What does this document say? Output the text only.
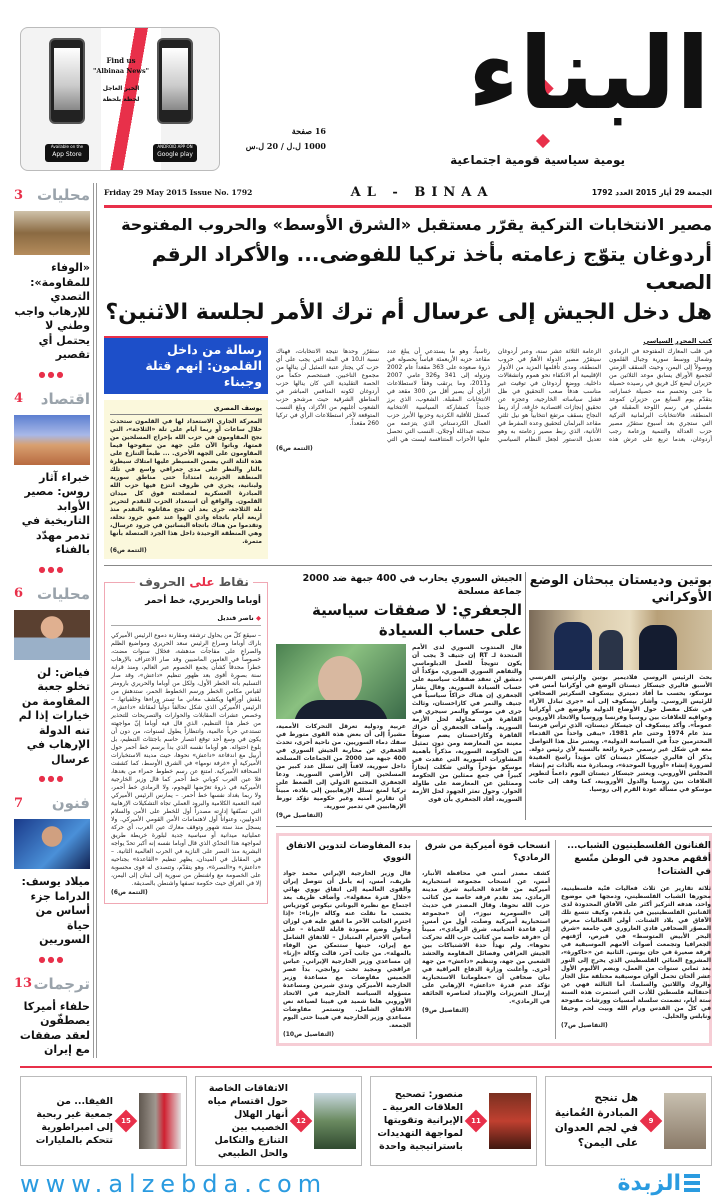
Find us
"Albinaa News"
الخبر العاجل
لحظة بلحظة
Available on the
App Store
ANDROID APP ON
Google play
16 صفحة
1000 ل.ل / 20 ل.س
البناء
يومية سياسية قومية اجتماعية
3 محليات
«الوفاء للمقاومة»: التصدي للإرهاب واجب وطني لا يحتمل أي تقصير
●●●
4 اقتصاد
خبراء آثار روس: مصير الأوابد التاريخية في تدمر مهدّد بالفناء
●●●
6 محليات
فياض: لن تخلو جعبة المقاومة من خيارات إذا لم تنه الدولة الإرهاب في عرسال
●●●
7 فنون
ميلاد يوسف: الدراما جزء أساس من حياة السوريين
●●●
13 ترجمات
حلفاء أميركا يصطفّون لعقد صفقات مع إيران
Friday 29 May 2015 Issue No. 1792	AL - BINAA	الجمعة 29 أيار 2015 العدد 1792
مصير الانتخابات التركية يقرّر مستقبل «الشرق الأوسط» والحروب المفتوحة
أردوغان يتوّج زعامته بأخذ تركيا للفوضى... والأكراد الرقم الصعب
هل دخل الجيش إلى عرسال أم ترك الأمر لجلسة الاثنين؟
رسالة من داخل القلمون: إنهم قتلة وجبناء
يوسف المصري
المعركة الجاري الاستعداد لها في القلمون ستحدث خلال ساعات أو ربما أيام على تلة «الثلاجة»، التي نجح المقاومون في حزب الله بإخراج المسلحين من قمتها، وباتوا الآن على جهة من سفوحها فيما المقاومون على الجهة الأخرى. ... طبعاً التنازع على هذه التلة التي يضمن المسيطر عليها امتلاك سيطرة بالنار والنظر على مدى جغرافي واسع في تلك المنطقة الجردية امتداداً حتى مناطق سورية ولبنانية، يجري في ظروف انتزع فيها حزب الله المبادرة العسكرية لمصلحته فوق كل ميدان القلمون. والواقع أن استعداد الحزب للتقدم لتحرير تلة الثلاجة، جرى بعد أن نجح مقاتلوه بالتقدم منذ أربعة أيام باتجاه وادي الهوا عند عمق جرود نحلة، وتقدموا من هناك باتجاه البساتين في جرود عرسال، وهي المنطقة الوحيدة داخل هذا الجرد المتصلة بأنها متمرة.
(التتمة ص6)
كتب المحرر السياسي
في قلب المعارك المفتوحة في الرمادي وشمال ووسط سورية وجبال القلمون ووصولاً إلى اليمن، وحيث السقف الزمني لتجميع الأوراق يسابق موعد الثلاثين من حزيران ليضع كل فريق في رصيده حصيلة ما جنى وتحسم منه حصيلة خساراته، يتقدّم يوم السابع من حزيران كموعد مفصلي في رسم اللوحة المقبلة في المنطقة، فالانتخابات البرلمانية التركية التي ستجري بعد أسبوع ستقرّر مصير حزب العدالة والتنمية وزعامة رجب أردوغان، بعدما تربع على عرش هذه الزعامة الثلاثة عشر سنة، وعبر أردوغان سيتقرّر مصير الدولة الأهمّ في حروب المنطقة، ومدى تأقلمها المزيد من الأدوار الإقليمية أم الانكفاء نحو هموم وانشغالات داخلية. ووضع أردوغان في توقيت غير مناسب هدفاً صعب التحقيق في ظل فشل سياساته الخارجية، وعجزه عن تحقيق إنجازات اقتصادية خارقة، أراد ربط النجاح بسقف مرتفع انتخابياً هو نيل ثلثي مقاعد البرلمان لتحقيق وعده المفرط في الأنانية، الذي ربط مصير زعامته به وهو تعديل الدستور لجعل النظام السياسي رئاسياً، وهو ما يستدعي أن يبلغ عدد مقاعد حزبه الأربعمئة قياساً بحصوله في ذروة صعوده على 363 مقعداً عام 2002 ونزوله إلى 341 و326 عامي 2007 و2011، وما يرتقب وفقاً لاستطلاعات الرأي أن يصير أقل من 300 مقعد في الانتخابات المقبلة. الشعوب، الذي برز جديداً كمشاركة السياسية الانتخابية كممثل للأقلية الكردية وحزبها الأبرز حزب العمال الكردستاني الذي يتزعمه من سجنه عبدالله أوجلان. النسب التي تحصل عليها الأحزاب المتنافسة ليست هي التي ستقرّر وحدها نتيجة الانتخابات، فهناك نسبة الـ10 في المئة التي يجب على أي حزب كي يجتاز عتبة التمثيل أن ينالها من مجموع الناخبين. فستحصم حكماً من الحصة التقليدية التي كان ينالها حزب أردوغان لكونه المنافس المباشر في المناطق الشرقية حيث مرشحو حزب الشعوب أغلبهم من الأكراد، وبلغ النسب المتوقعة لآخر استطلاعات الرأي في تركيا 260 مقعداً.
(التتمة ص6)
نقاط على الحروف
أوباما والحريري، خط أحمر
◆ ناصر قنديل
– سيقع كلّ من يحاول ترشفة ومقارنة دموع الرئيس الأميركي باراك أوباما وصراع الرئيس سعد الحريري ومواضيع الظلم والصراع على مفاجآت مدهشة، فخلال سنوات مضت، خصوصاً في العامين الماضيين وقد صار الاعتراف بالإرهاب خطراً محدقاً كشأن يجمع الخصوم عبر العالم، ومنذ قرابة سنة بصورة أقوى بعد ظهور تنظيم «داعش»، وقد صار التسليم بأنه الخطر الأول، ولكل من أوباما والحريري بارومتر لقياس مكامن الخطر ورسم الخطوط الحمر، ستدهش من يلقش أوراقها ويكشف معاني ما تستر وراءها وخلفياتها. – الرئيس الأميركي الذي شكل تحالفاً دولياً لمقاتلة «داعش»، وخصص عشرات المقابلات والحوارات والتصريحات للتحذير من خطر هذا التنظيم، الذي قال فيه أوباما إنّ مواجهته تستدعي حرباً عالمية، وانتظاراً يطول لسنوات، من دون أن يكون في وسع أحد توقع انتصار حاسم باجتثاث التنظيم، بل بلوغ احتوائه. هو أوباما نفسه الذي بدأ برسم خط أحمر حول أربيل مع اندفاعة «داعش» نحوها، حيث مدينة الاستخبارات الأميركية أو «غرفة نومها» في الشرق الأوسط، كما كشفت الصحافة الأميركية. امتنع عن رسم خطوط حمراء من بعدها، فلا عين العرب كوباني خط أحمر كما قال وزير الخارجية الأميركية في ذروة تعرّضها للهجوم، ولا الرمادي خط أحمر، ولا ربما بغداد نفسها خط أحمر. – يمارس الرئيس الأميركي لعبة التعمية الكلامية والبرود العملي تجاه التشكيلات الإرهابية التي تصنّفها إدارته مصدراً أول للخطر على الأمن والسلام الدوليين، وعنواناً أول لاهتمامات الأمن القومي الأميركي. ولا يسجل منذ ستة شهور وتوقف معارك عين العرب، أي حركة عملياتية ميدانية أو سياسية جدية لبلورة خريطة طريق لمواجهة هذا التحدّي الذي قال أوباما نفسه إنه أكبر تحدّ يواجه البشرية منذ النصر على النازية في الحرب العالمية الثانية. – في المقابل في الميدان، يظهر تنظيم «القاعدة» بجناحيه «داعش» و«النصرة»، وهو يتقدّم، وتتصدى له قوى محسوبة على الخصومة مع واشنطن من سورية إلى لبنان إلى اليمن، إلا في العراق حيث حكومة تصفها واشنطن بالصديقة.
(التتمة ص6)
الجيش السوري يحارب في 400 جبهة ضد 2000 جماعة مسلحة
الجعفري: لا صفقات سياسية على حساب السيادة
عربية ودولية تعرقل التحركات الأممية، مشيراً إلى أن بعض هذه القوى متورط في سفك دماء السوريين. من ناحية أخرى، تحدث الجعفري عن محاربة الجيش السوري في 400 جبهة ضد 2000 من الجماعات المسلحة داخل سورية، لافتاً إلى تسلل عدد كبير من المسلحين إلى الأراضي السورية. ودعا الجعفري المجتمع الدولي إلى الضغط على تركيا لمنع تسلل الإرهابيين إلى بلاده، مبيناً أن تقارير أمنية وغير حكومية تؤكد تورط الإرهابيين في تدمير سورية.
(التفاصيل ص9)
قال المندوب السوري لدى الأمم المتحدة لـ RT إن جنيف 3 يجب أن يكون تتويجاً للعمل الدبلوماسي والتفاهم السوري السوري، مؤكداً أن دمشق لن تعقد صفقات سياسية على حساب السيادة السورية. وقال بشار الجعفري إن هناك حراكاً سياسياً في جنيف والنمر في كازاخستان، وثالث جرى في موسكو والنمر سيجري في القاهرة في محاولة لحل الأزمة السورية. وأضاف الجعفري أن حراك القاهرة وكازاخستان يضم صنوفاً معينة من المعارضة ومن دون تمثيل من الحكومة السورية، مذكراً بأهمية المشاورات السورية التي عقدت في موسكو مؤخراً والتي شكلت إنجازاً كبيراً في جمع ممثلين من الحكومة وممثلين عن المعارضة على طاولة الحوار. وحول تعثر الجهود لحل الأزمة السورية، أفاد الجعفري بأن قوى
بوتين وديستان يبحثان الوضع الأوكراني
بحث الرئيس الروسي فلاديمير بوتين والرئيس الفرنسي الأسبق فاليري جيسكار ديستان الوضع في أوكرانيا أمس في موسكو، بحسب ما أفاد دميتري بيسكوف السكرتير الصحافي للرئيس الروسي. وأشار بيسكوف إلى أنه «جرى تبادل الآراء في شكل مفصل حول الأوضاع الدولية والوضع في أوكرانيا وعواقبه للعلاقات بين روسيا وفرنسا وروسيا والاتحاد الأوروبي عموماً». وأكد بيسكوف أن جيسكار ديستان، الذي ترأس فرنسا منذ عام 1974 وحتى عام 1981، «يبقى واحداً من القدماء المحترمين جداً في السياسة الدولية». ويعتبر مثل هذا التواصل معه في شكل غير رسمي خبرة رائعة بالنسبة لأي رئيس دولة. يذكر أن فاليري جيسكار ديستان كان مؤيداً راسخ العقيدة لضرورة إنشاء «أوروبا الموحدة»، وبمبادرة منه بالذات تم إنشاء المجلس الأوروبي. ويعتبر جيسكار ديستان اليوم داعماً لتطوير العلاقات بين روسيا والدول الأوروبية، كما وقف إلى جانب موسكو في مسألة عودة القرم إلى روسيا.
بدء المفاوضات لتدوين الاتفاق النووي
قال وزير الخارجية الإيراني محمد جواد ظريف، أمس، إنه يأمل أن تتوصل إيران والقوى العالمية إلى اتفاق نووي نهائي «خلال فترة معقولة». وأضاف ظريف بعد اجتماع مع نظيره اليوناني نيكوس كوتزياس بحسب ما نقلت عنه وكالة «إرنا»: «إذا احترم الجانب الآخر ما اتفق عليه في لوزان وحاول وضع مسودة قابلة للحياة – على أساس الاحترام المتبادل – للاتفاق الشامل مع إيران، حينها ستتمكن من الوفاء بالمهلة». من جانب آخر، قالت وكالة «إرنا» إن مساعدي وزير الخارجية الإيراني، عباس عراقجي ومجيد تخت روانجي، بدآ عصر الخميس مفاوضات مع مساعدة وزير الخارجية الأميركي وندي شيرمن ومساعدة مسؤولة السياسة الخارجية في الاتحاد الأوروبي هلغا شميد في فيينا لصياغة نص الاتفاق الشامل. وتستمر مفاوضات مساعدي وزير الخارجية في فيينا حتى اليوم الجمعة.
(التفاصيل ص10)
انسحاب قوة أميركية من شرق الرمادي؟
كشف مصدر أمني في محافظة الأنبار، أمس، عن انسحاب مجموعة استخبارية أميركية من قاعدة الحبانية شرق مدينة الرمادي، بعد تقدم فرقة خاصة من كتائب حزب الله نحوها. وقال المصدر في حديث إلى «السومرية نيوز»، إن «مجموعة استخبارية أميركية وصلت، أول من أمس، إلى قاعدة الحبانية، شرق الرمادي»، مبيناً أن «فرقة خاصة من كتائب حزب الله تحركت نحوها». ولم تهدأ حدة الاشتباكات بين الجيش العراقي وفصائل المقاومة والحشد الشعبي من جهة، وتنظيم «داعش» من جهة أخرى. وأعلنت وزارة الدفاع العراقية في بيان صحافي أن «معلوماتنا الاستخبارية تؤكد عدم قدرة «داعش» الإرهابي على إرسال التعزيزات والإمداد لعناصره الخائفة في الرمادي».
(التفاصيل ص9)
الفنانون الفلسطينيون الشباب... أفقهم محدود في الوطن متّسع في الشتات!
ثلاثة تقارير عن ثلاث فعاليات فنّية فلسطينية، محورها الشباب الفلسطيني، ودمجها في موضوع واحد، هدفه التركيز أكثر على الآفاق المحدودة لدى الفنانين الفلسطينيين في بلدهم، وكيف تتسع تلك الآفاق في بلاد الشتات. أولى الفعاليات معرض المصوّر الصحافي فادي العاروري في جامعة «شرق البحر الأبيض المتوسط» في قبرص، أرّقتهم الجغرافيا وتجمعت أصوات ألامهم الموسيقية في فرقة صغيرة في خان يونس. الثانية عن «حاكورة»، المشروع الغنائي الفلسطيني الذي يخرج إلى النور بعد ثماني سنوات من العمل، ويضم الألبوم الأول عشر ألحان تحمل ألوان موسيقية مختلفة مثل الجاز والروك واللاتين والسلسا. أما الثالثة فهي عن احتفالية فلسطين للأدب التي استمرت هذه السنة ستة أيام، تضمنت سلسلة أمسيات وورشات مفتوحة في كلّ من القدس ورام الله وبيت لحم وحيفا ونابلس والخليل.
(التفاصيل ص7)
الفيفا... من جمعية غير ربحية إلى امبراطورية تتحكم بالمليارات
15
الاتفاقات الخاصة حول اقتسام مياه أنهار الهلال الخصيب بين التنازع والتكامل والحل الطبيعي
12
منصور: تصحيح العلاقات العربية ـ الإيرانية وتقويتها لمواجهة التهديدات باستراتيجية واحدة
11
هل تنجح المبادرة العُمانية في لجم العدوان على اليمن؟
9
www.alzebda.com	الزبدة
